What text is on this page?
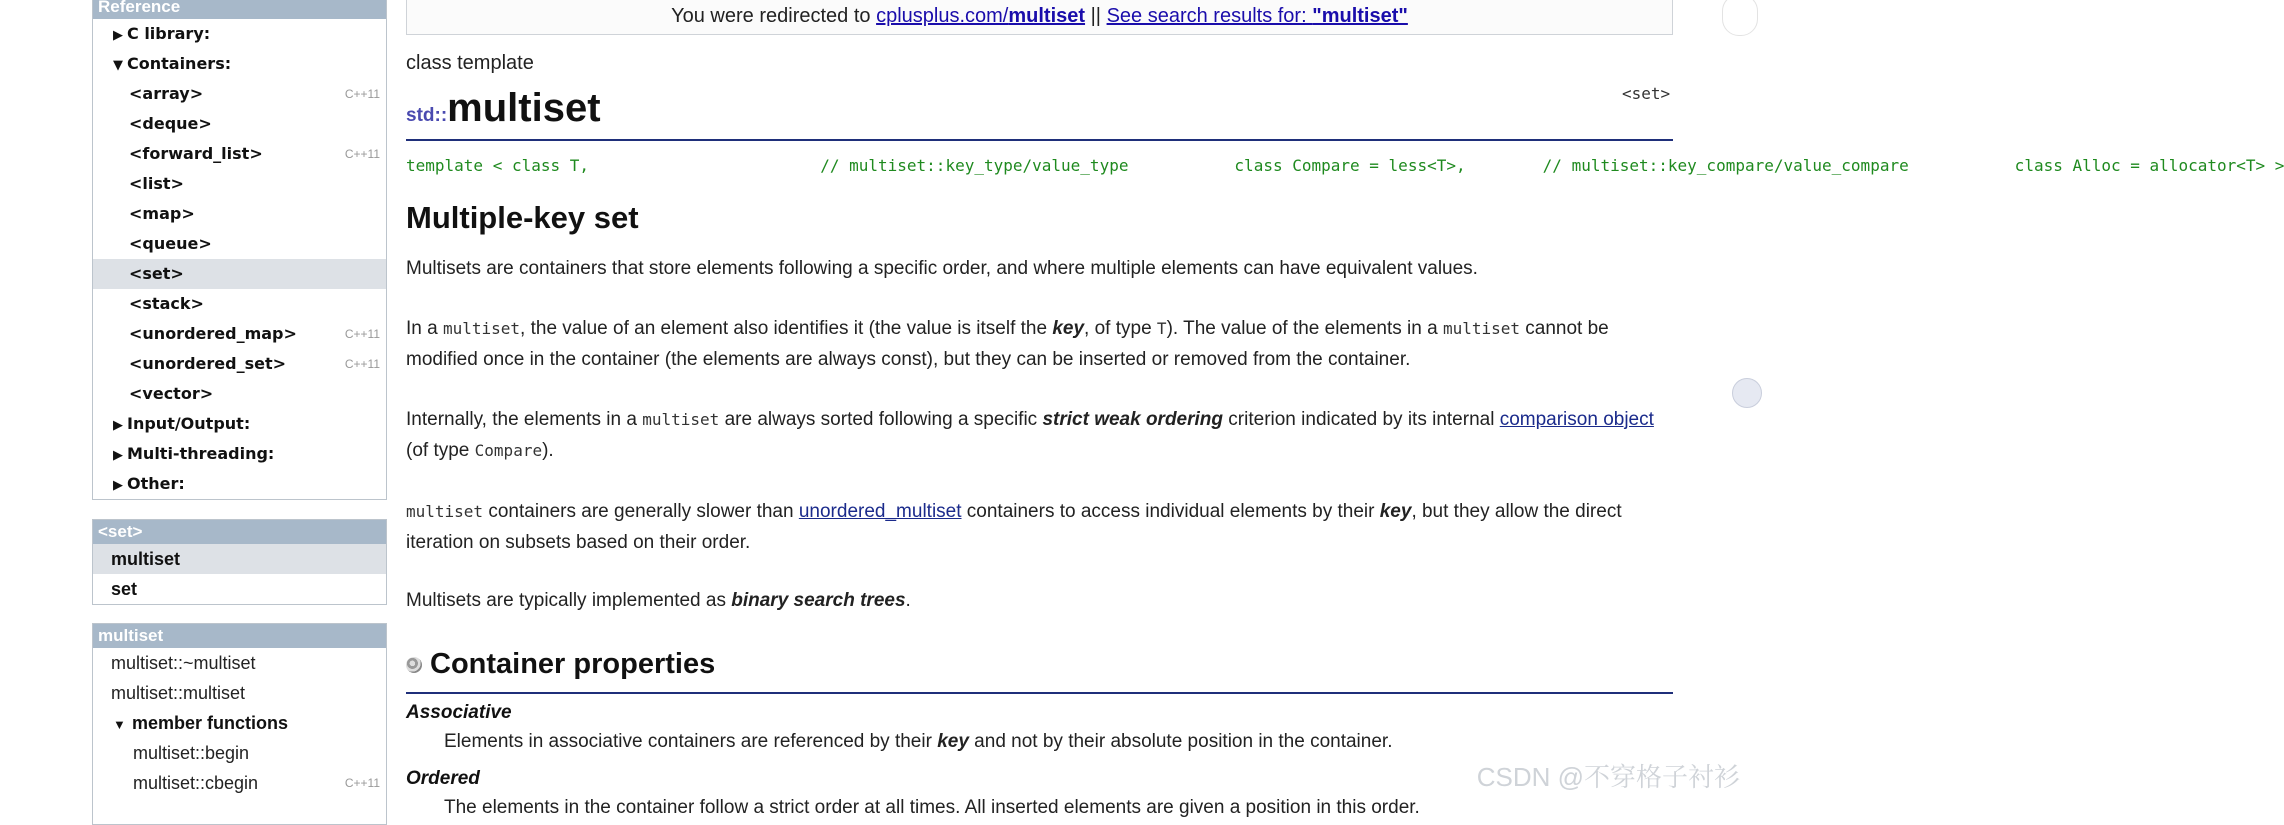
Reference
▶ C library:
▼ Containers:
<array>	C++11
<deque>
<forward_list>	C++11
<list>
<map>
<queue>
<set>
<stack>
<unordered_map>	C++11
<unordered_set>	C++11
<vector>
▶ Input/Output:
▶ Multi-threading:
▶ Other:
<set>
multiset
set
multiset
multiset::~multiset
multiset::multiset
▼ member functions
multiset::begin
multiset::cbegin	C++11
You were redirected to cplusplus.com/multiset || See search results for: "multiset"
class template
<set>
std::multiset
template < class T,                        // multiset::key_type/value_type           class Compare = less<T>,        // multiset::key_compare/value_compare           class Alloc = allocator<T> >
Multiple-key set
Multisets are containers that store elements following a specific order, and where multiple elements can have equivalent values.
In a multiset, the value of an element also identifies it (the value is itself the key, of type T). The value of the elements in a multiset cannot be modified once in the container (the elements are always const), but they can be inserted or removed from the container.
Internally, the elements in a multiset are always sorted following a specific strict weak ordering criterion indicated by its internal comparison object (of type Compare).
multiset containers are generally slower than unordered_multiset containers to access individual elements by their key, but they allow the direct iteration on subsets based on their order.
Multisets are typically implemented as binary search trees.
Container properties
Associative
Elements in associative containers are referenced by their key and not by their absolute position in the container.
Ordered
The elements in the container follow a strict order at all times. All inserted elements are given a position in this order.
CSDN @不穿格子衬衫
